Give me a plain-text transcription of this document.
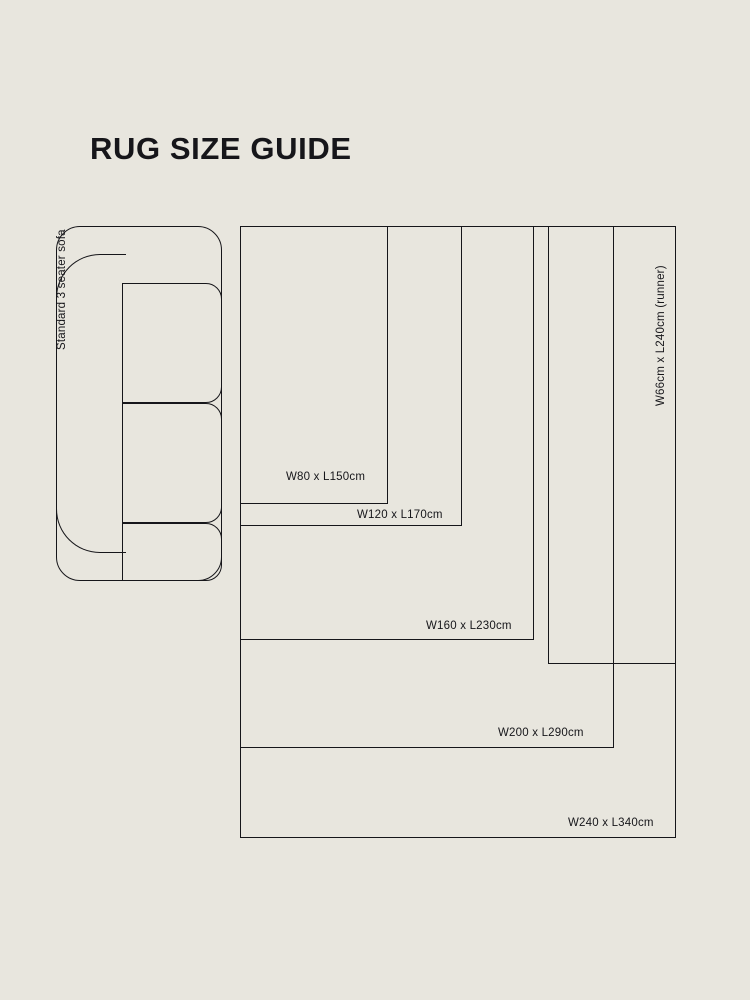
RUG SIZE GUIDE
Standard 3 seater sofa
W80 x L150cm
W120 x L170cm
W160 x L230cm
W200 x L290cm
W240 x L340cm
W66cm x L240cm (runner)
